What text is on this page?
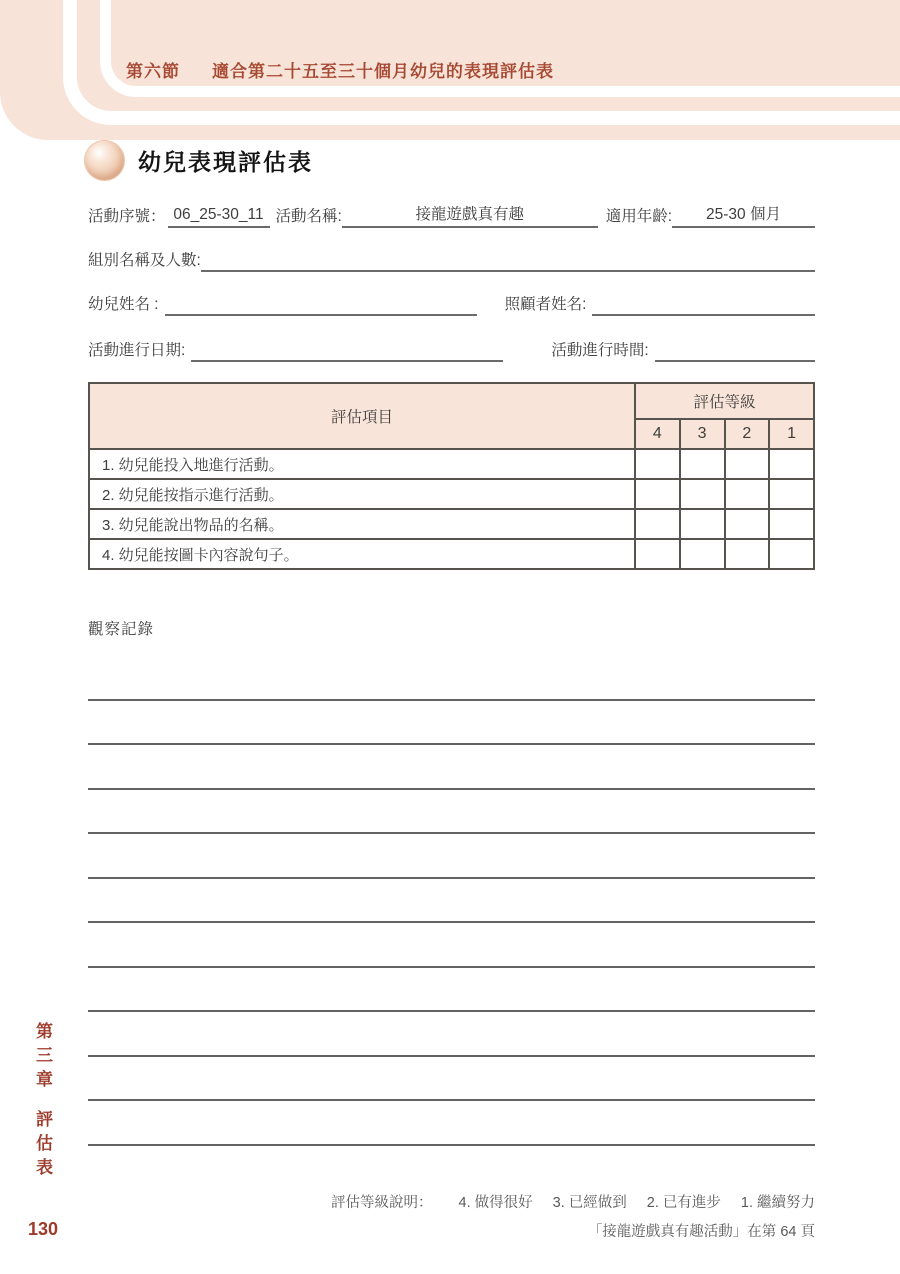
第六節 適合第二十五至三十個月幼兒的表現評估表
幼兒表現評估表
活動序號： 06_25-30_11 活動名稱:	接龍遊戲真有趣	適用年齡: 25-30 個月
組別名稱及人數:
幼兒姓名 :	照顧者姓名:
活動進行日期:	活動進行時間:
評估項目	評估等級			
	4	3	2	1
1. 幼兒能投入地進行活動。				
2. 幼兒能按指示進行活動。				
3. 幼兒能說出物品的名稱。				
4. 幼兒能按圖卡內容說句子。				
觀察記錄
第三章
評估表
評估等級說明： 4. 做得很好 3. 已經做到 2. 已有進步 1. 繼續努力
「接龍遊戲真有趣活動」在第 64 頁
130
